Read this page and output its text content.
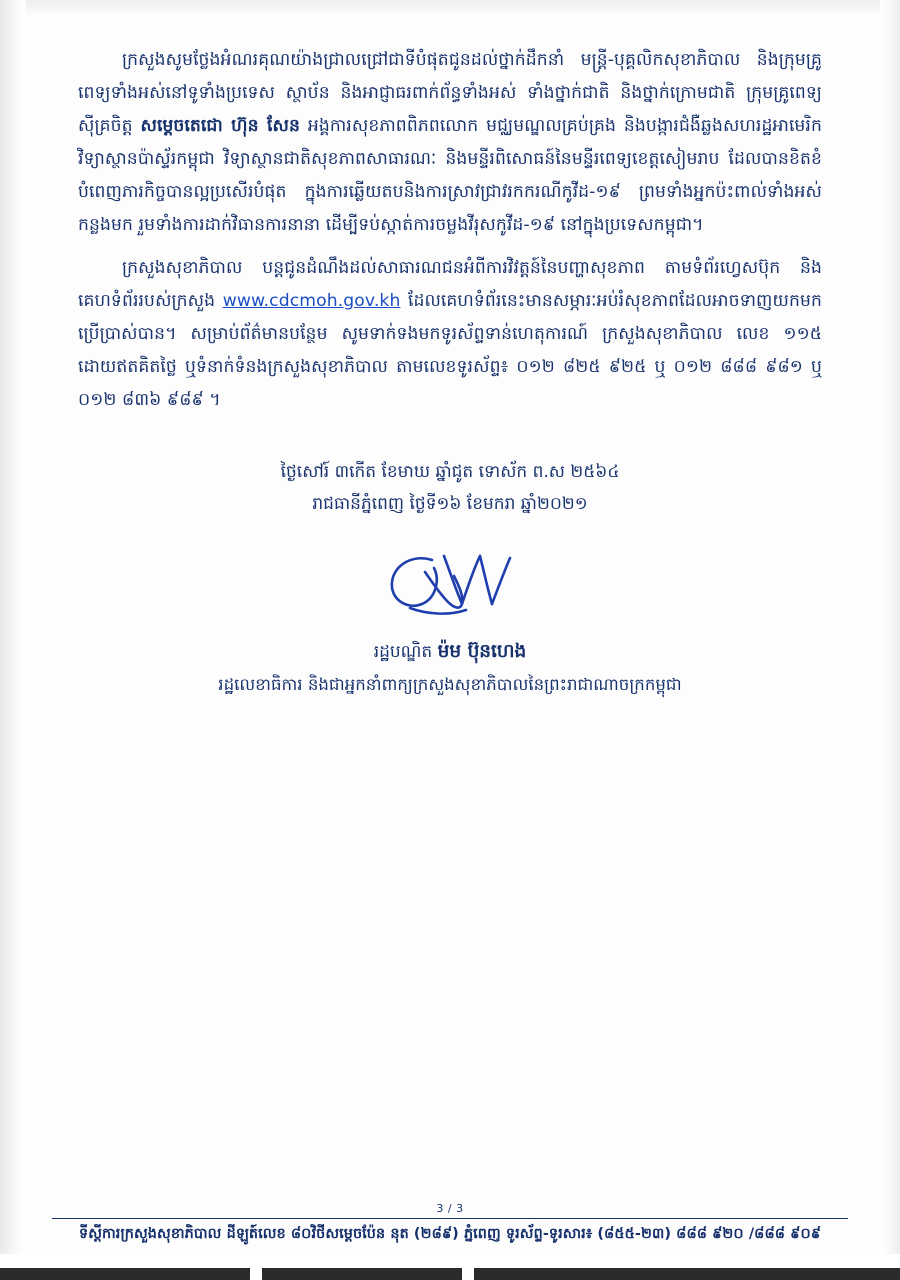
ក្រសួងសូមថ្លែងអំណរគុណយ៉ាងជ្រាលជ្រៅជាទីបំផុតជូនដល់ថ្នាក់ដឹកនាំ មន្ត្រី-បុគ្គលិកសុខាភិបាល និងក្រុមគ្រូពេទ្យទាំងអស់នៅទូទាំងប្រទេស ស្ថាប័ន និងអាជ្ញាធរពាក់ព័ន្ធទាំងអស់ ទាំងថ្នាក់ជាតិ និងថ្នាក់ក្រោមជាតិ ក្រុមគ្រូពេទ្យស៊ីគ្រចិត្ត សម្តេចតេជោ ហ៊ុន សែន អង្គការសុខភាពពិភពលោក មជ្ឈមណ្ឌលគ្រប់គ្រង និងបង្ការជំងឺឆ្លងសហរដ្ឋអាមេរិក វិទ្យាស្ថានប៉ាស្ទ័រកម្ពុជា វិទ្យាស្ថានជាតិសុខភាពសាធារណៈ និងមន្ទីរពិសោធន៍នៃមន្ទីរពេទ្យខេត្តសៀមរាប ដែលបានខិតខំបំពេញភារកិច្ចបានល្អប្រសើរបំផុត ក្នុងការឆ្លើយតបនិងការស្រាវជ្រាវរកករណីកូវីដ-១៩ ព្រមទាំងអ្នកប៉ះពាល់ទាំងអស់កន្លងមក រួមទាំងការដាក់វិធានការនានា ដើម្បីទប់ស្កាត់ការចម្លងវីរុសកូវីដ-១៩ នៅក្នុងប្រទេសកម្ពុជា។

ក្រសួងសុខាភិបាល បន្តជូនដំណឹងដល់សាធារណជនអំពីការវិវត្តន៍នៃបញ្ហាសុខភាព តាមទំព័រហ្វេសប៊ុក និងគេហទំព័ររបស់ក្រសួង www.cdcmoh.gov.kh ដែលគេហទំព័រនេះមានសម្ភារៈអប់រំសុខភាពដែលអាចទាញយកមកប្រើប្រាស់បាន។ សម្រាប់ព័ត៌មានបន្ថែម សូមទាក់ទងមកទូរស័ព្ទទាន់ហេតុការណ៍ ក្រសួងសុខាភិបាល លេខ ១១៥ ដោយឥតគិតថ្លៃ ឬទំនាក់ទំនងក្រសួងសុខាភិបាល តាមលេខទូរស័ព្ទ៖ ០១២ ៨២៥ ៩២៥ ឬ ០១២ ៨៨៨ ៩៨១ ឬ ០១២ ៨៣៦ ៩៨៩ ។

ថ្ងៃសៅរ៍ ៣កើត ខែមាឃ ឆ្នាំជូត ទោស័ក ព.ស ២៥៦៤
រាជធានីភ្នំពេញ ថ្ងៃទី១៦ ខែមករា ឆ្នាំ២០២១
រដ្ឋបណ្ឌិត ម៉ម ប៊ុនហេង
រដ្ឋលេខាធិការ និងជាអ្នកនាំពាក្យក្រសួងសុខាភិបាលនៃព្រះរាជាណាចក្រកម្ពុជា
3 / 3
ទីស្តីការក្រសួងសុខាភិបាល ដីឡូត៍លេខ ៨០វិថីសម្តេចប៉ែន នុត (២៨៩) ភ្នំពេញ ទូរស័ព្ទ-ទូរសារ៖ (៨៥៥-២៣) ៨៨៨ ៩២០ /៨៨៨ ៩០៩
